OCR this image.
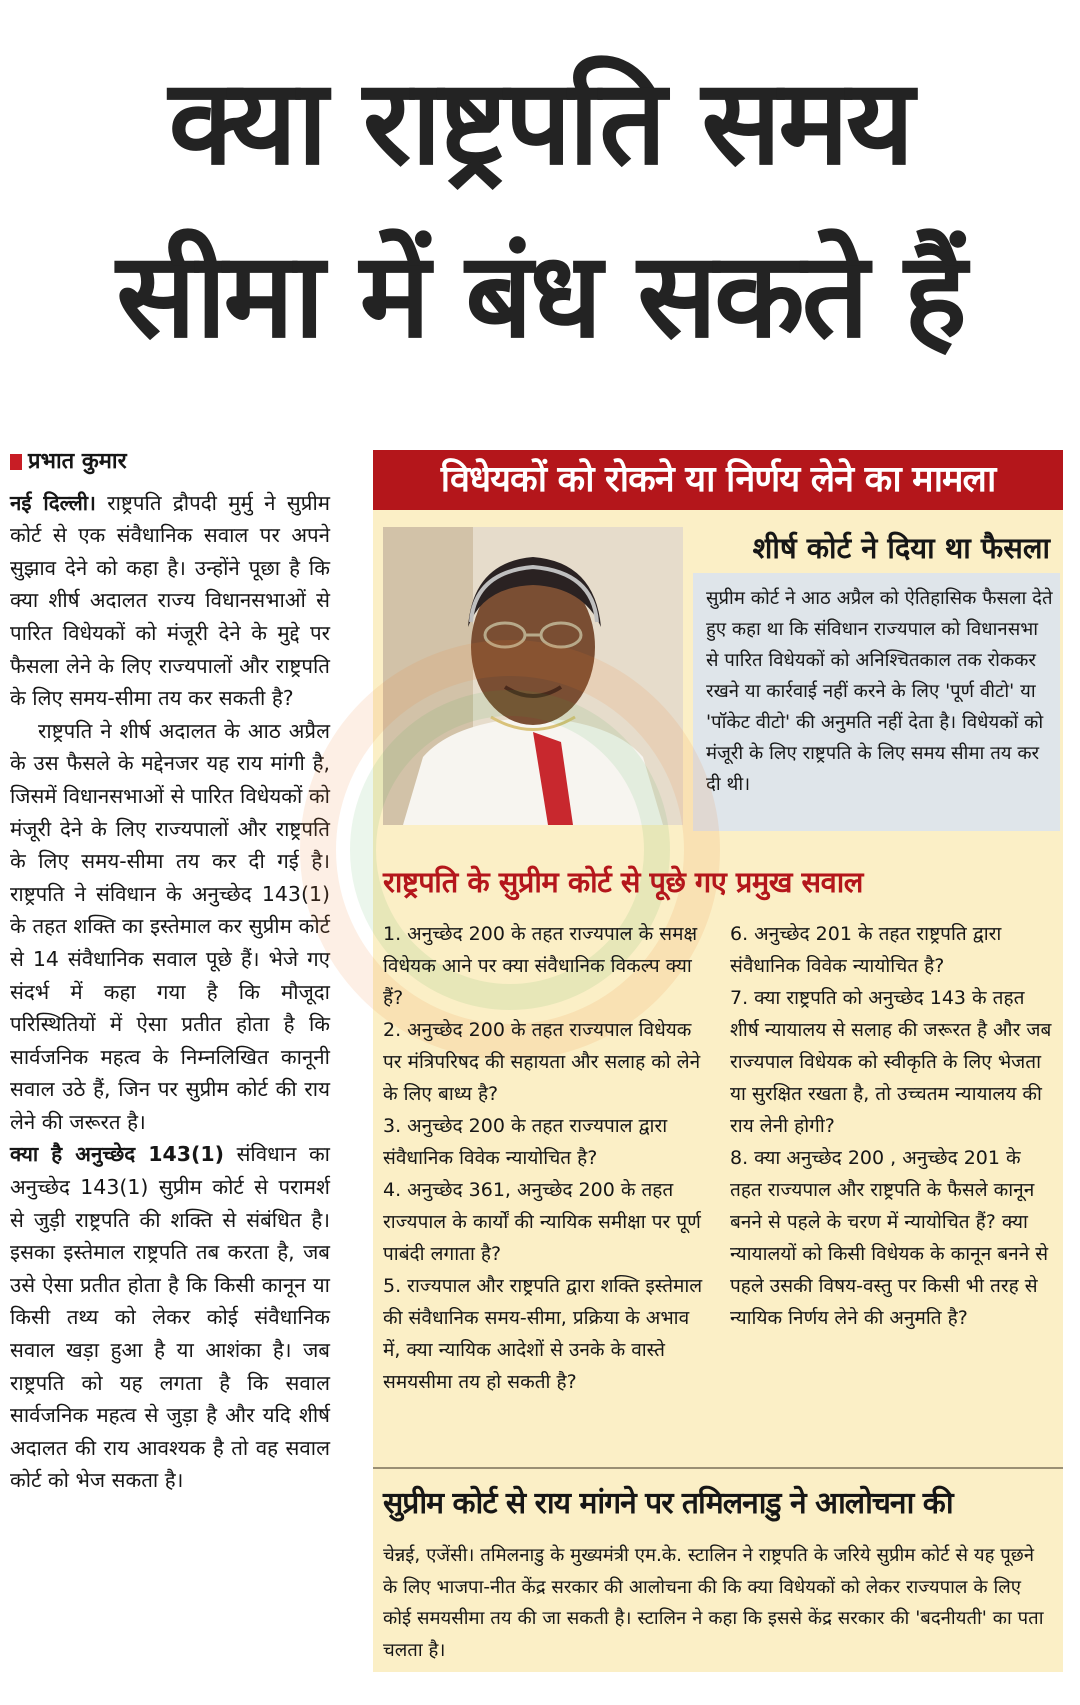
क्या राष्ट्रपति समय
सीमा में बंध सकते हैं
प्रभात कुमार

नई दिल्ली। राष्ट्रपति द्रौपदी मुर्मु ने सुप्रीम कोर्ट से एक संवैधानिक सवाल पर अपने सुझाव देने को कहा है। उन्होंने पूछा है कि क्या शीर्ष अदालत राज्य विधानसभाओं से पारित विधेयकों को मंजूरी देने के मुद्दे पर फैसला लेने के लिए राज्यपालों और राष्ट्रपति के लिए समय-सीमा तय कर सकती है?

राष्ट्रपति ने शीर्ष अदालत के आठ अप्रैल के उस फैसले के मद्देनजर यह राय मांगी है, जिसमें विधानसभाओं से पारित विधेयकों को मंजूरी देने के लिए राज्यपालों और राष्ट्रपति के लिए समय-सीमा तय कर दी गई है। राष्ट्रपति ने संविधान के अनुच्छेद 143(1) के तहत शक्ति का इस्तेमाल कर सुप्रीम कोर्ट से 14 संवैधानिक सवाल पूछे हैं। भेजे गए संदर्भ में कहा गया है कि मौजूदा परिस्थितियों में ऐसा प्रतीत होता है कि सार्वजनिक महत्व के निम्नलिखित कानूनी सवाल उठे हैं, जिन पर सुप्रीम कोर्ट की राय लेने की जरूरत है।

क्या है अनुच्छेद 143(1) संविधान का अनुच्छेद 143(1) सुप्रीम कोर्ट से परामर्श से जुड़ी राष्ट्रपति की शक्ति से संबंधित है। इसका इस्तेमाल राष्ट्रपति तब करता है, जब उसे ऐसा प्रतीत होता है कि किसी कानून या किसी तथ्य को लेकर कोई संवैधानिक सवाल खड़ा हुआ है या आशंका है। जब राष्ट्रपति को यह लगता है कि सवाल सार्वजनिक महत्व से जुड़ा है और यदि शीर्ष अदालत की राय आवश्यक है तो वह सवाल कोर्ट को भेज सकता है।

विधेयकों को रोकने या निर्णय लेने का मामला
शीर्ष कोर्ट ने दिया था फैसला
सुप्रीम कोर्ट ने आठ अप्रैल को ऐतिहासिक फैसला देते हुए कहा था कि संविधान राज्यपाल को विधानसभा से पारित विधेयकों को अनिश्चितकाल तक रोककर रखने या कार्रवाई नहीं करने के लिए 'पूर्ण वीटो' या 'पॉकेट वीटो' की अनुमति नहीं देता है। विधेयकों को मंजूरी के लिए राष्ट्रपति के लिए समय सीमा तय कर दी थी।
राष्ट्रपति के सुप्रीम कोर्ट से पूछे गए प्रमुख सवाल

1. अनुच्छेद 200 के तहत राज्यपाल के समक्ष विधेयक आने पर क्या संवैधानिक विकल्प क्या हैं?

2. अनुच्छेद 200 के तहत राज्यपाल विधेयक पर मंत्रिपरिषद की सहायता और सलाह को लेने के लिए बाध्य है?

3. अनुच्छेद 200 के तहत राज्यपाल द्वारा संवैधानिक विवेक न्यायोचित है?

4. अनुच्छेद 361, अनुच्छेद 200 के तहत राज्यपाल के कार्यों की न्यायिक समीक्षा पर पूर्ण पाबंदी लगाता है?

5. राज्यपाल और राष्ट्रपति द्वारा शक्ति इस्तेमाल की संवैधानिक समय-सीमा, प्रक्रिया के अभाव में, क्या न्यायिक आदेशों से उनके के वास्ते समयसीमा तय हो सकती है?

6. अनुच्छेद 201 के तहत राष्ट्रपति द्वारा संवैधानिक विवेक न्यायोचित है?

7. क्या राष्ट्रपति को अनुच्छेद 143 के तहत शीर्ष न्यायालय से सलाह की जरूरत है और जब राज्यपाल विधेयक को स्वीकृति के लिए भेजता या सुरक्षित रखता है, तो उच्चतम न्यायालय की राय लेनी होगी?

8. क्या अनुच्छेद 200 , अनुच्छेद 201 के तहत राज्यपाल और राष्ट्रपति के फैसले कानून बनने से पहले के चरण में न्यायोचित हैं? क्या न्यायालयों को किसी विधेयक के कानून बनने से पहले उसकी विषय-वस्तु पर किसी भी तरह से न्यायिक निर्णय लेने की अनुमति है?

सुप्रीम कोर्ट से राय मांगने पर तमिलनाडु ने आलोचना की
चेन्नई, एजेंसी। तमिलनाडु के मुख्यमंत्री एम.के. स्टालिन ने राष्ट्रपति के जरिये सुप्रीम कोर्ट से यह पूछने के लिए भाजपा-नीत केंद्र सरकार की आलोचना की कि क्या विधेयकों को लेकर राज्यपाल के लिए कोई समयसीमा तय की जा सकती है। स्टालिन ने कहा कि इससे केंद्र सरकार की 'बदनीयती' का पता चलता है।
